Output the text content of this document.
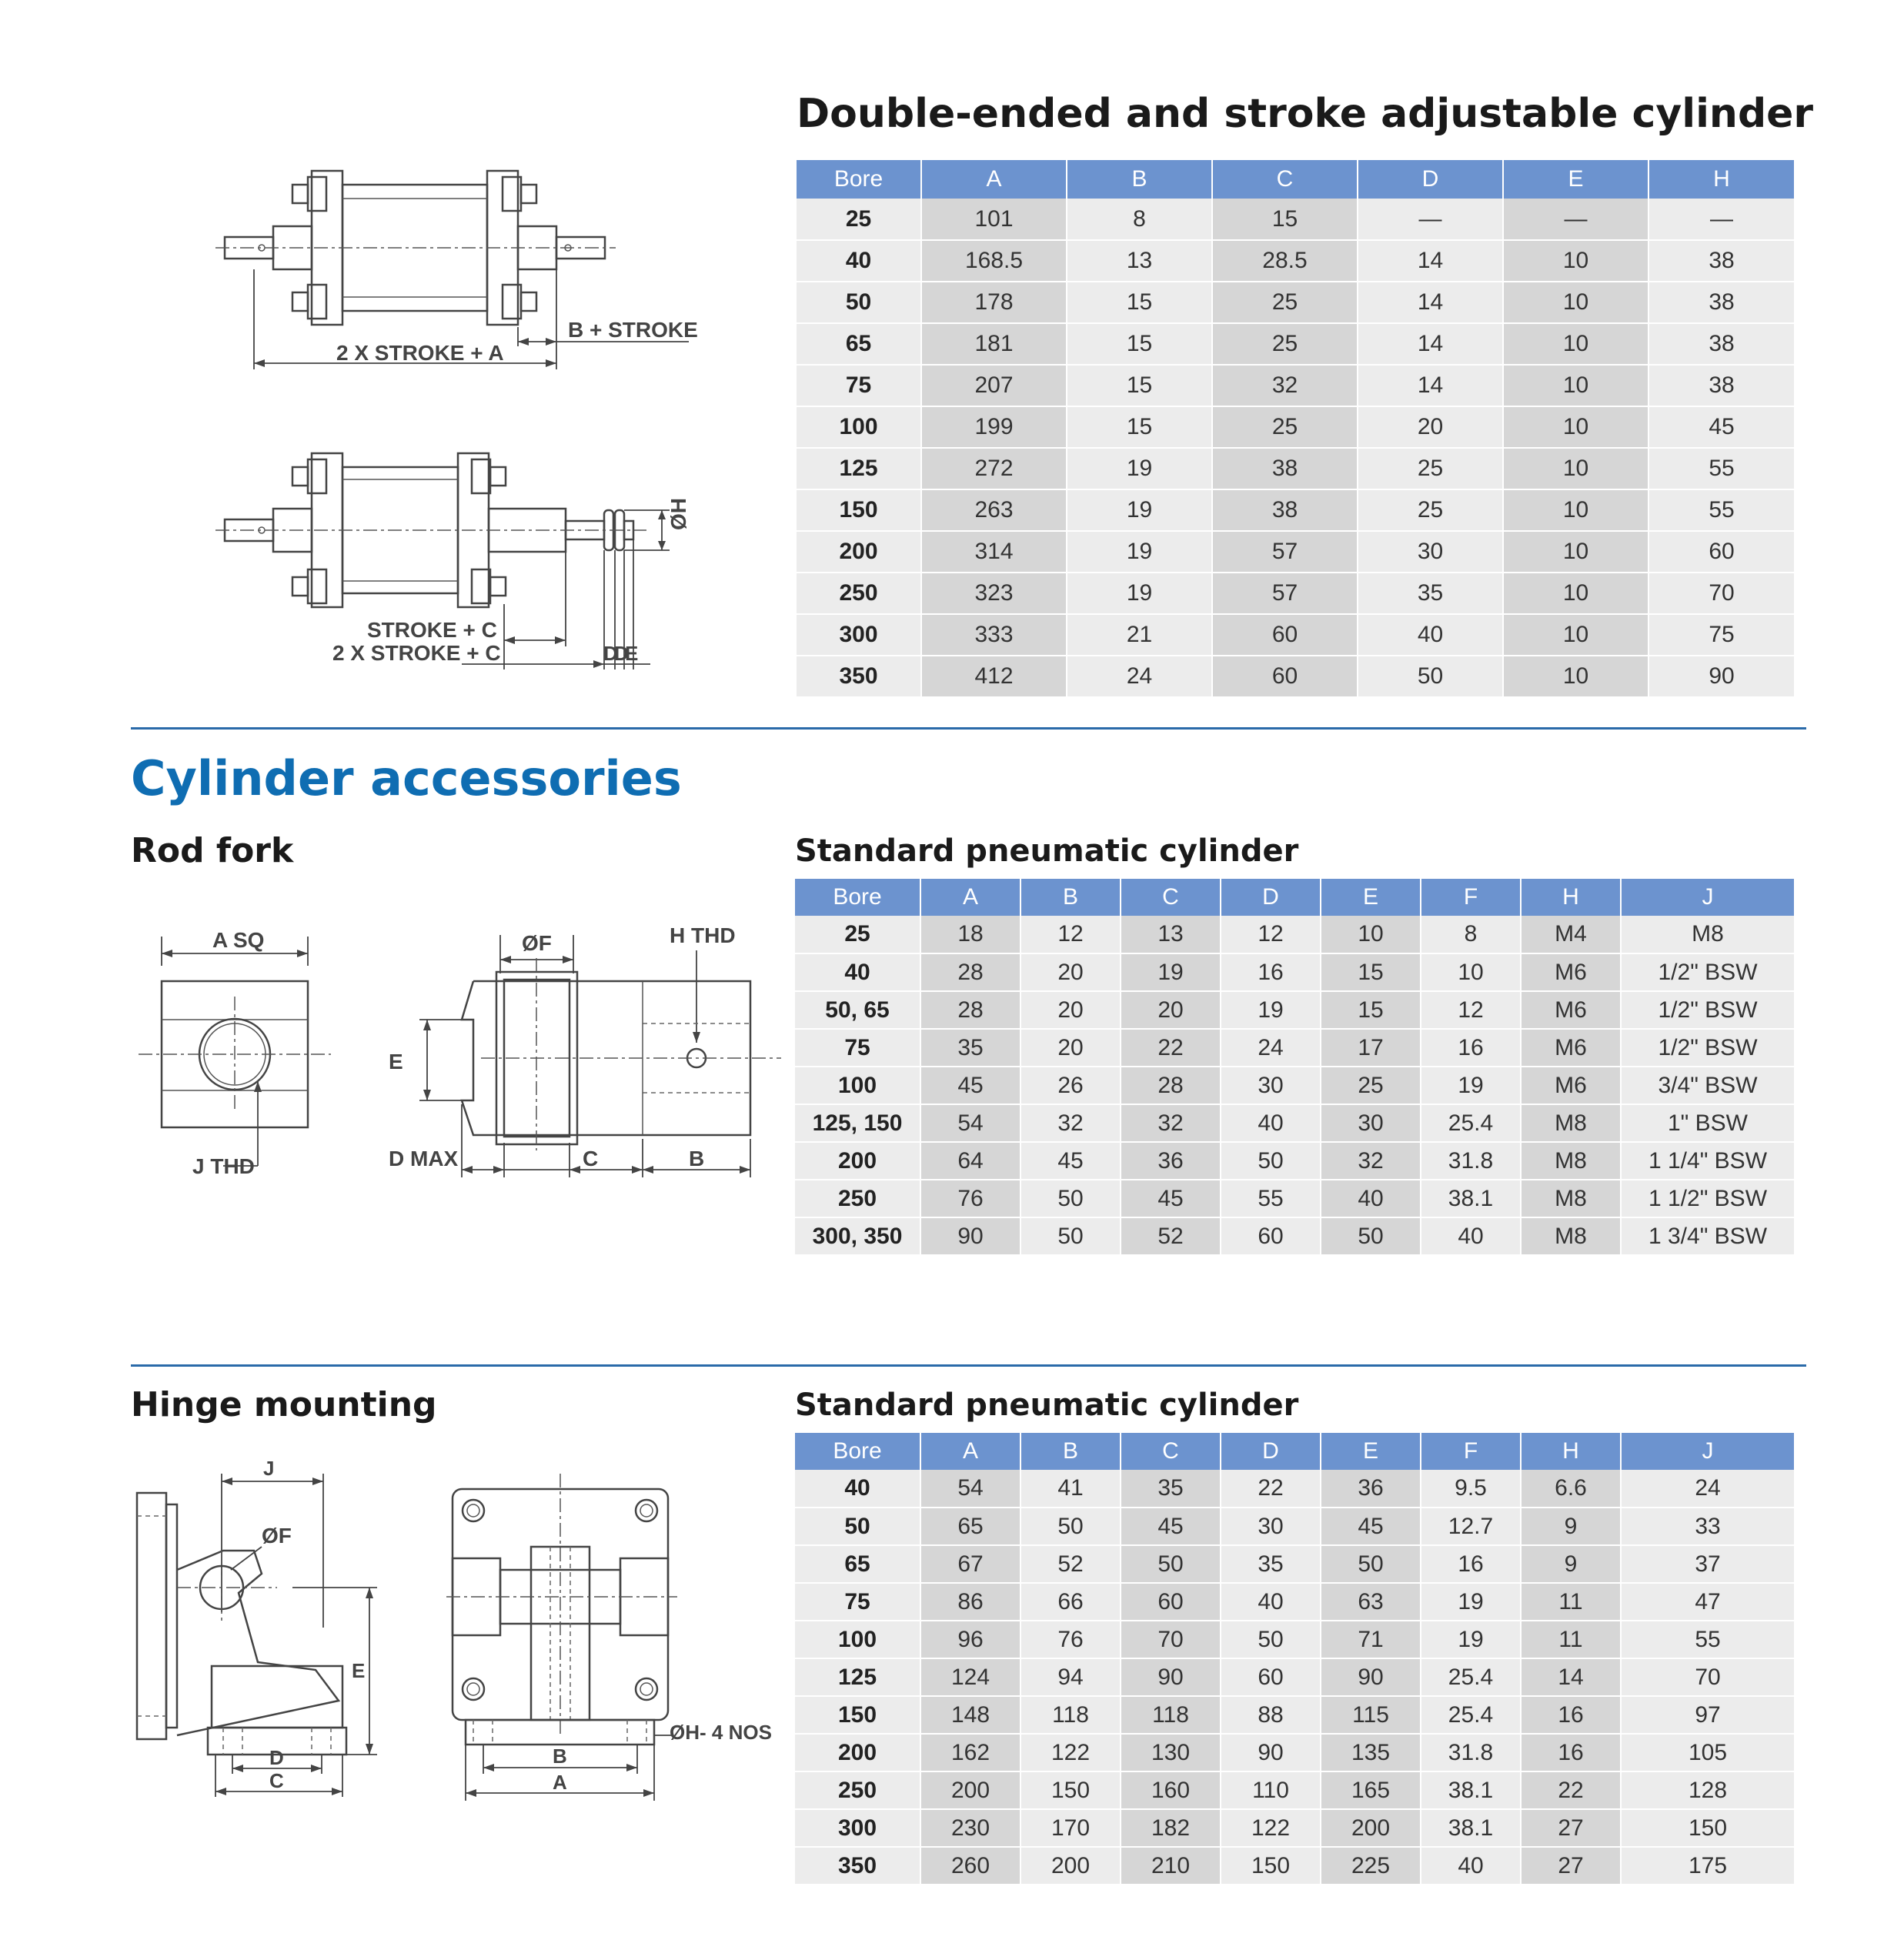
Double-ended and stroke adjustable cylinder
Bore	A	B	C	D	E	H
25	101	8	15	—	—	—
40	168.5	13	28.5	14	10	38
50	178	15	25	14	10	38
65	181	15	25	14	10	38
75	207	15	32	14	10	38
100	199	15	25	20	10	45
125	272	19	38	25	10	55
150	263	19	38	25	10	55
200	314	19	57	30	10	60
250	323	19	57	35	10	70
300	333	21	60	40	10	75
350	412	24	60	50	10	90
2 X STROKE + A
B + STROKE
ØH
STROKE + C
2 X STROKE + C	D
D
E
Cylinder accessories
Rod fork	Standard pneumatic cylinder
Bore	A	B	C	D	E	F	H	J
25	18	12	13	12	10	8	M4	M8
40	28	20	19	16	15	10	M6	1/2" BSW
50, 65	28	20	20	19	15	12	M6	1/2" BSW
75	35	20	22	24	17	16	M6	1/2" BSW
100	45	26	28	30	25	19	M6	3/4" BSW
125, 150	54	32	32	40	30	25.4	M8	1" BSW
200	64	45	36	50	32	31.8	M8	1 1/4" BSW
250	76	50	45	55	40	38.1	M8	1 1/2" BSW
300, 350	90	50	52	60	50	40	M8	1 3/4" BSW
A SQ
J THD
ØF	H THD
E
D MAX	C	B
Hinge mounting	Standard pneumatic cylinder
Bore	A	B	C	D	E	F	H	J
40	54	41	35	22	36	9.5	6.6	24
50	65	50	45	30	45	12.7	9	33
65	67	52	50	35	50	16	9	37
75	86	66	60	40	63	19	11	47
100	96	76	70	50	71	19	11	55
125	124	94	90	60	90	25.4	14	70
150	148	118	118	88	115	25.4	16	97
200	162	122	130	90	135	31.8	16	105
250	200	150	160	110	165	38.1	22	128
300	230	170	182	122	200	38.1	27	150
350	260	200	210	150	225	40	27	175
J
ØF
E
D
C
ØH- 4 NOS
B
A
